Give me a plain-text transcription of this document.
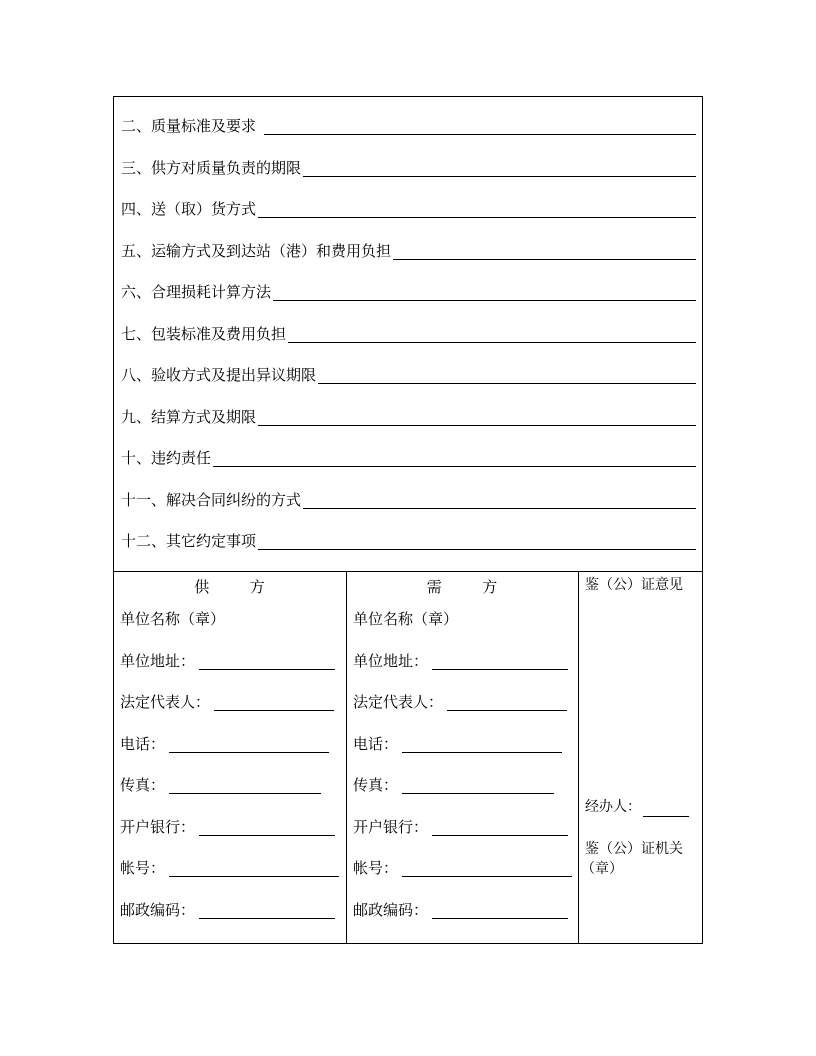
二、质量标准及要求
三、供方对质量负责的期限
四、送（取）货方式
五、运输方式及到达站（港）和费用负担
六、合理损耗计算方法
七、包装标准及费用负担
八、验收方式及提出异议期限
九、结算方式及期限
十、违约责任
十一、解决合同纠纷的方式
十二、其它约定事项
供	方
单位名称（章）
单位地址：
法定代表人：
电话：
传真：
开户银行：
帐号：
邮政编码：
需	方
单位名称（章）
单位地址：
法定代表人：
电话：
传真：
开户银行：
帐号：
邮政编码：
鉴（公）证意见
经办人：
鉴（公）证机关
（章）
